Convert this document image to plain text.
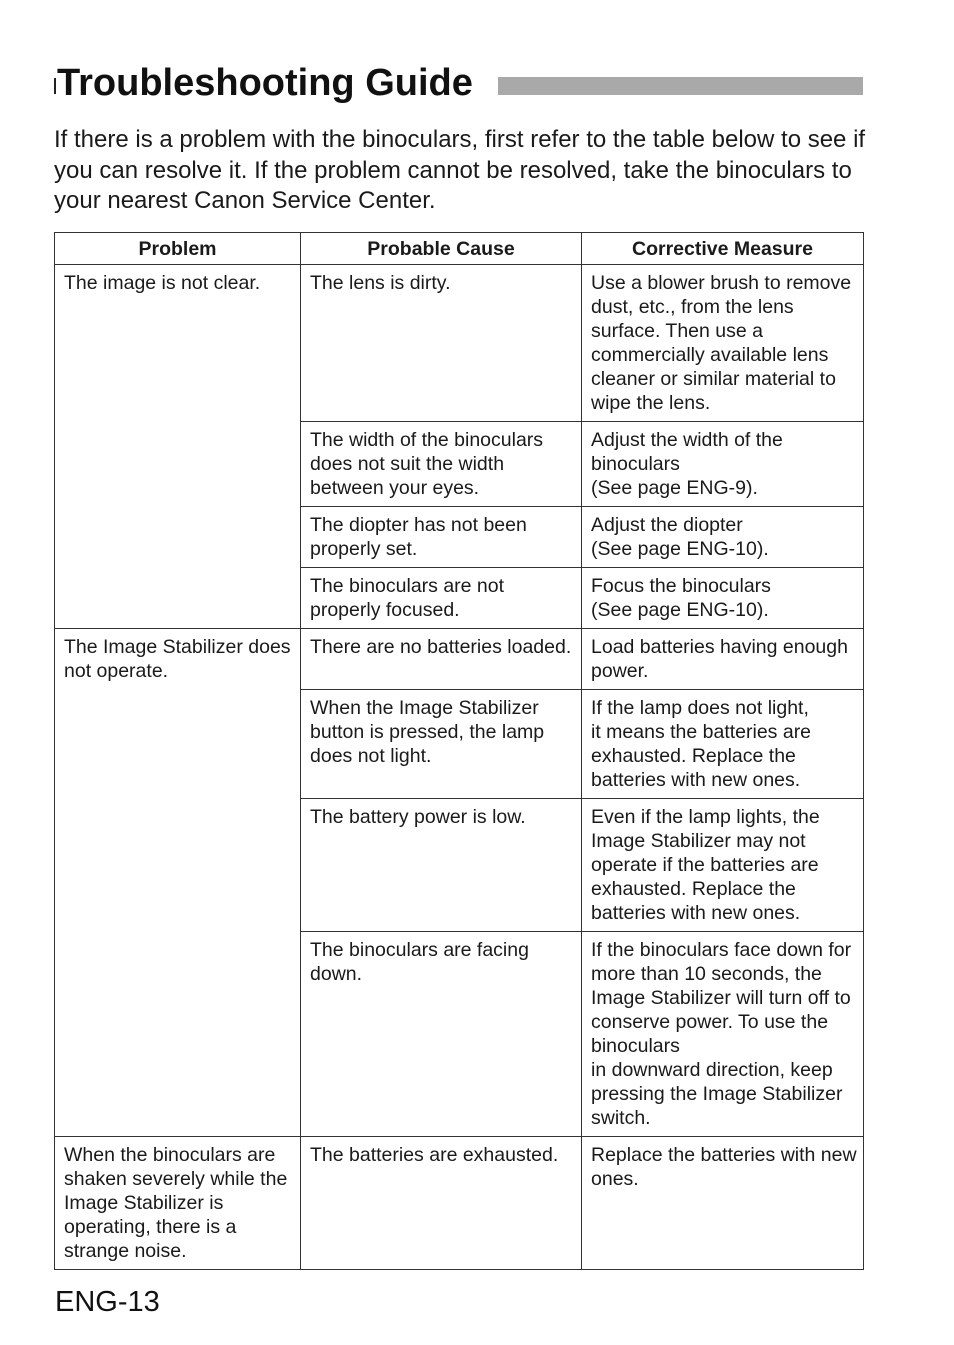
Troubleshooting Guide

If there is a problem with the binoculars, first refer to the table below to see if you can resolve it. If the problem cannot be resolved, take the binoculars to your nearest Canon Service Center.

Problem	Probable Cause	Corrective Measure
The image is not clear.	The lens is dirty.	Use a blower brush to remove dust, etc., from the lens surface. Then use a commercially available lens cleaner or similar material to wipe the lens.
	The width of the binoculars does not suit the width between your eyes.	Adjust the width of the binoculars
(See page ENG-9).
	The diopter has not been properly set.	Adjust the diopter
(See page ENG-10).
	The binoculars are not properly focused.	Focus the binoculars
(See page ENG-10).
The Image Stabilizer does not operate.	There are no batteries loaded.	Load batteries having enough power.
	When the Image Stabilizer button is pressed, the lamp does not light.	If the lamp does not light,
it means the batteries are exhausted. Replace the batteries with new ones.
	The battery power is low.	Even if the lamp lights, the Image Stabilizer may not operate if the batteries are exhausted. Replace the batteries with new ones.
	The binoculars are facing down.	If the binoculars face down for more than 10 seconds, the Image Stabilizer will turn off to conserve power. To use the binoculars
in downward direction, keep pressing the Image Stabilizer switch.
When the binoculars are shaken severely while the Image Stabilizer is operating, there is a strange noise.	The batteries are exhausted.	Replace the batteries with new ones.
ENG-13
